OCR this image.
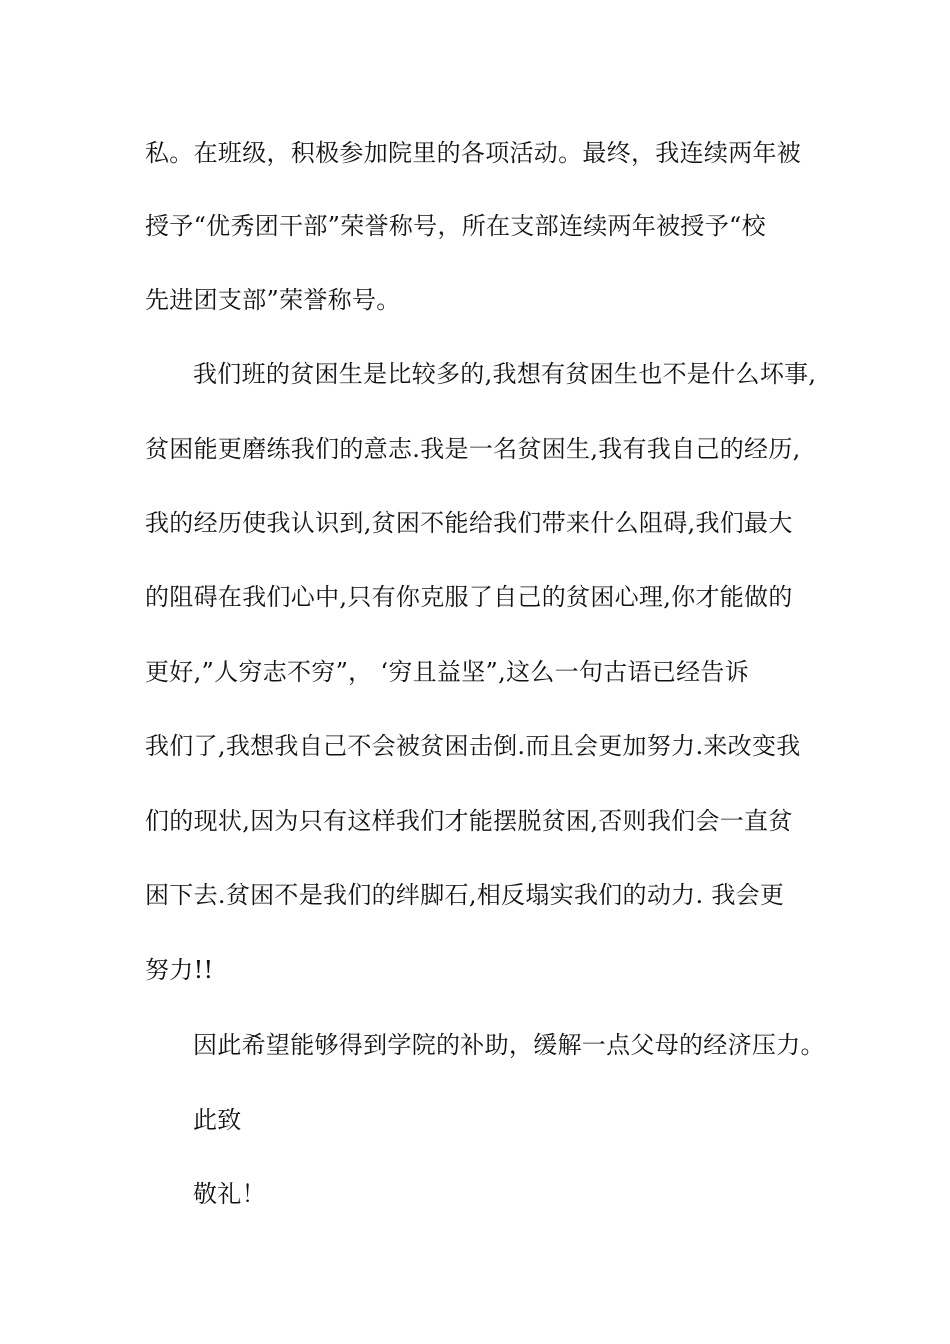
私。在班级，积极参加院里的各项活动。最终，我连续两年被
授予“优秀团干部”荣誉称号，所在支部连续两年被授予“校
先进团支部”荣誉称号。
我们班的贫困生是比较多的,我想有贫困生也不是什么坏事,
贫困能更磨练我们的意志.我是一名贫困生,我有我自己的经历,
我的经历使我认识到,贫困不能给我们带来什么阻碍,我们最大
的阻碍在我们心中,只有你克服了自己的贫困心理,你才能做的
更好,”人穷志不穷”， ‘穷且益坚”,这么一句古语已经告诉
我们了,我想我自己不会被贫困击倒.而且会更加努力.来改变我
们的现状,因为只有这样我们才能摆脱贫困,否则我们会一直贫
困下去.贫困不是我们的绊脚石,相反塌实我们的动力. 我会更
努力!!
因此希望能够得到学院的补助，缓解一点父母的经济压力。
此致
敬礼！
